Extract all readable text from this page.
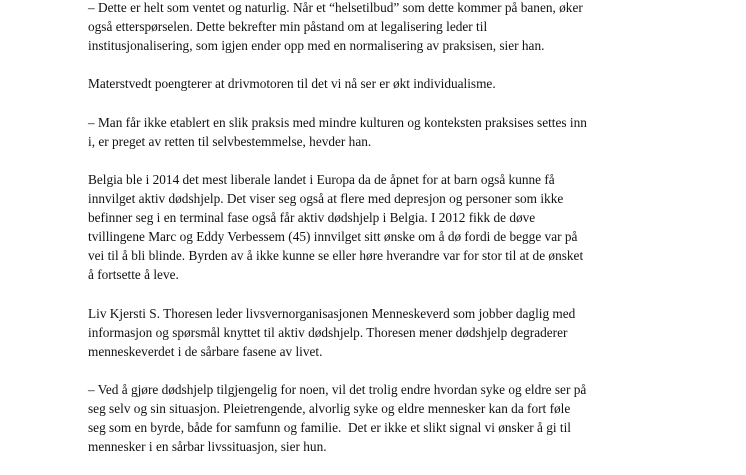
– Dette er helt som ventet og naturlig. Når et “helsetilbud” som dette kommer på banen, øker
også etterspørselen. Dette bekrefter min påstand om at legalisering leder til
institusjonalisering, som igjen ender opp med en normalisering av praksisen, sier han.

Materstvedt poengterer at drivmotoren til det vi nå ser er økt individualisme.

– Man får ikke etablert en slik praksis med mindre kulturen og konteksten praksises settes inn
i, er preget av retten til selvbestemmelse, hevder han.

Belgia ble i 2014 det mest liberale landet i Europa da de åpnet for at barn også kunne få
innvilget aktiv dødshjelp. Det viser seg også at flere med depresjon og personer som ikke
befinner seg i en terminal fase også får aktiv dødshjelp i Belgia. I 2012 fikk de døve
tvillingene Marc og Eddy Verbessem (45) innvilget sitt ønske om å dø fordi de begge var på
vei til å bli blinde. Byrden av å ikke kunne se eller høre hverandre var for stor til at de ønsket
å fortsette å leve.

Liv Kjersti S. Thoresen leder livsvernorganisasjonen Menneskeverd som jobber daglig med
informasjon og spørsmål knyttet til aktiv dødshjelp. Thoresen mener dødshjelp degraderer
menneskeverdet i de sårbare fasene av livet.

– Ved å gjøre dødshjelp tilgjengelig for noen, vil det trolig endre hvordan syke og eldre ser på
seg selv og sin situasjon. Pleietrengende, alvorlig syke og eldre mennesker kan da fort føle
seg som en byrde, både for samfunn og familie.  Det er ikke et slikt signal vi ønsker å gi til
mennesker i en sårbar livssituasjon, sier hun.
